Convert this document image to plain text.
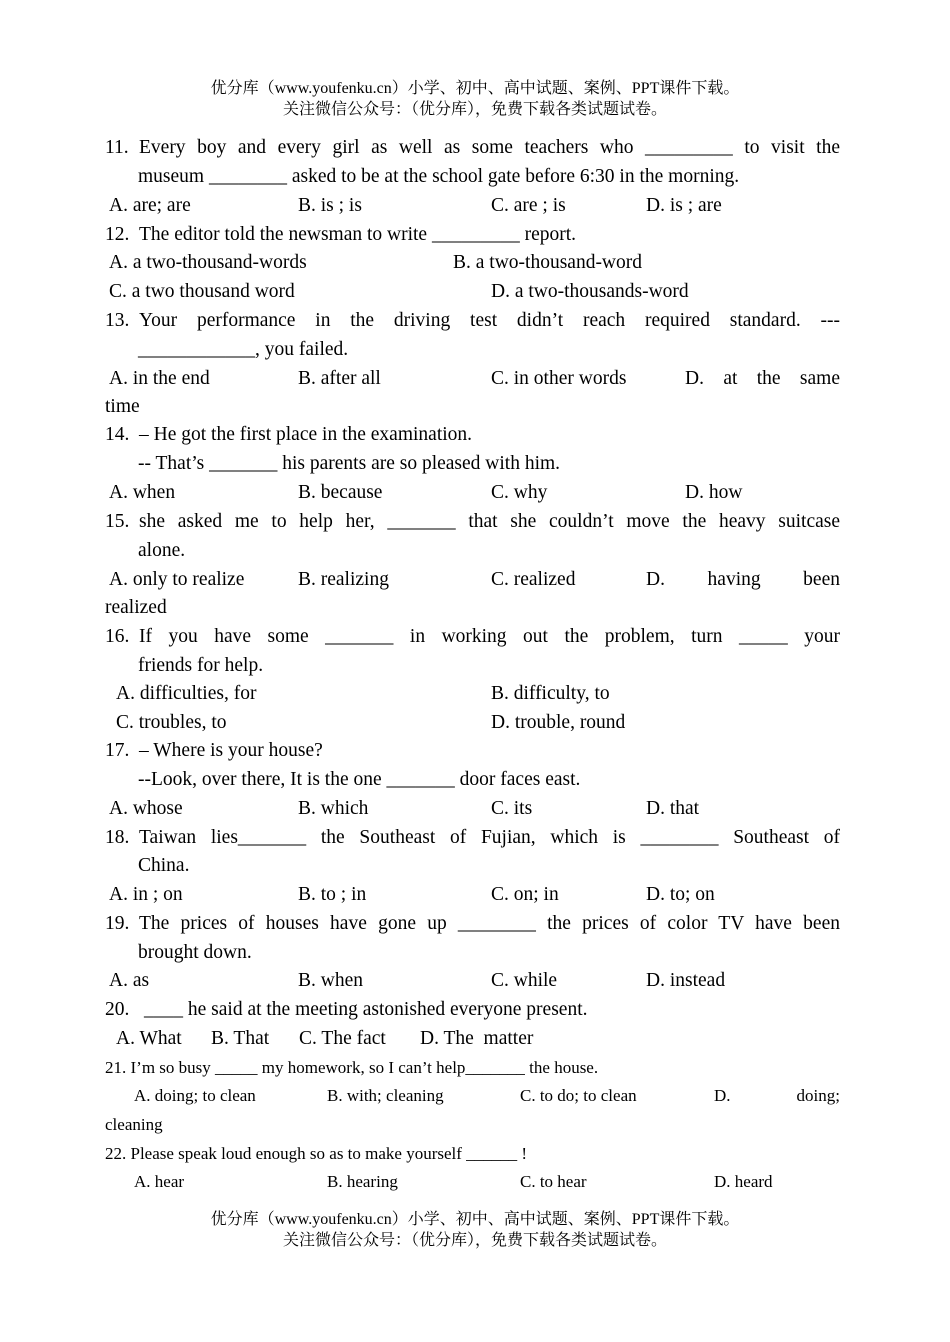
优分库（www.youfenku.cn）小学、初中、高中试题、案例、PPT课件下载。
关注微信公众号：（优分库），免费下载各类试题试卷。
11. Every boy and every girl as well as some teachers who _________ to visit the
museum ________ asked to be at the school gate before 6:30 in the morning.
A. are; are	B. is ; is	C. are ; is	D. is ; are
12. The editor told the newsman to write _________ report.
A. a two-thousand-words	B. a two-thousand-word
C. a two thousand word	D. a two-thousands-word
13. Your performance in the driving test didn’t reach required standard. ---
____________, you failed.
A. in the end	B. after all	C. in other words	D. at the same
time
14. – He got the first place in the examination.
-- That’s _______ his parents are so pleased with him.
A. when	B. because	C. why	D. how
15. she asked me to help her, _______ that she couldn’t move the heavy suitcase
alone.
A. only to realize	B. realizing	C. realized	D. having been
realized
16. If you have some _______ in working out the problem, turn _____ your
friends for help.
A. difficulties, for	B. difficulty, to
C. troubles, to	D. trouble, round
17. – Where is your house?
--Look, over there, It is the one _______ door faces east.
A. whose	B. which	C. its	D. that
18. Taiwan lies_______ the Southeast of Fujian, which is ________ Southeast of
China.
A. in ; on	B. to ; in	C. on; in	D. to; on
19. The prices of houses have gone up ________ the prices of color TV have been
brought down.
A. as	B. when	C. while	D. instead
20. ____ he said at the meeting astonished everyone present.
A. What B. That C. The fact D. The  matter
21. I’m so busy _____ my homework, so I can’t help_______ the house.
A. doing; to clean	B. with; cleaning	C. to do; to clean	D. doing;
cleaning
22. Please speak loud enough so as to make yourself ______ !
A. hear	B. hearing	C. to hear	D. heard
优分库（www.youfenku.cn）小学、初中、高中试题、案例、PPT课件下载。
关注微信公众号：（优分库），免费下载各类试题试卷。
